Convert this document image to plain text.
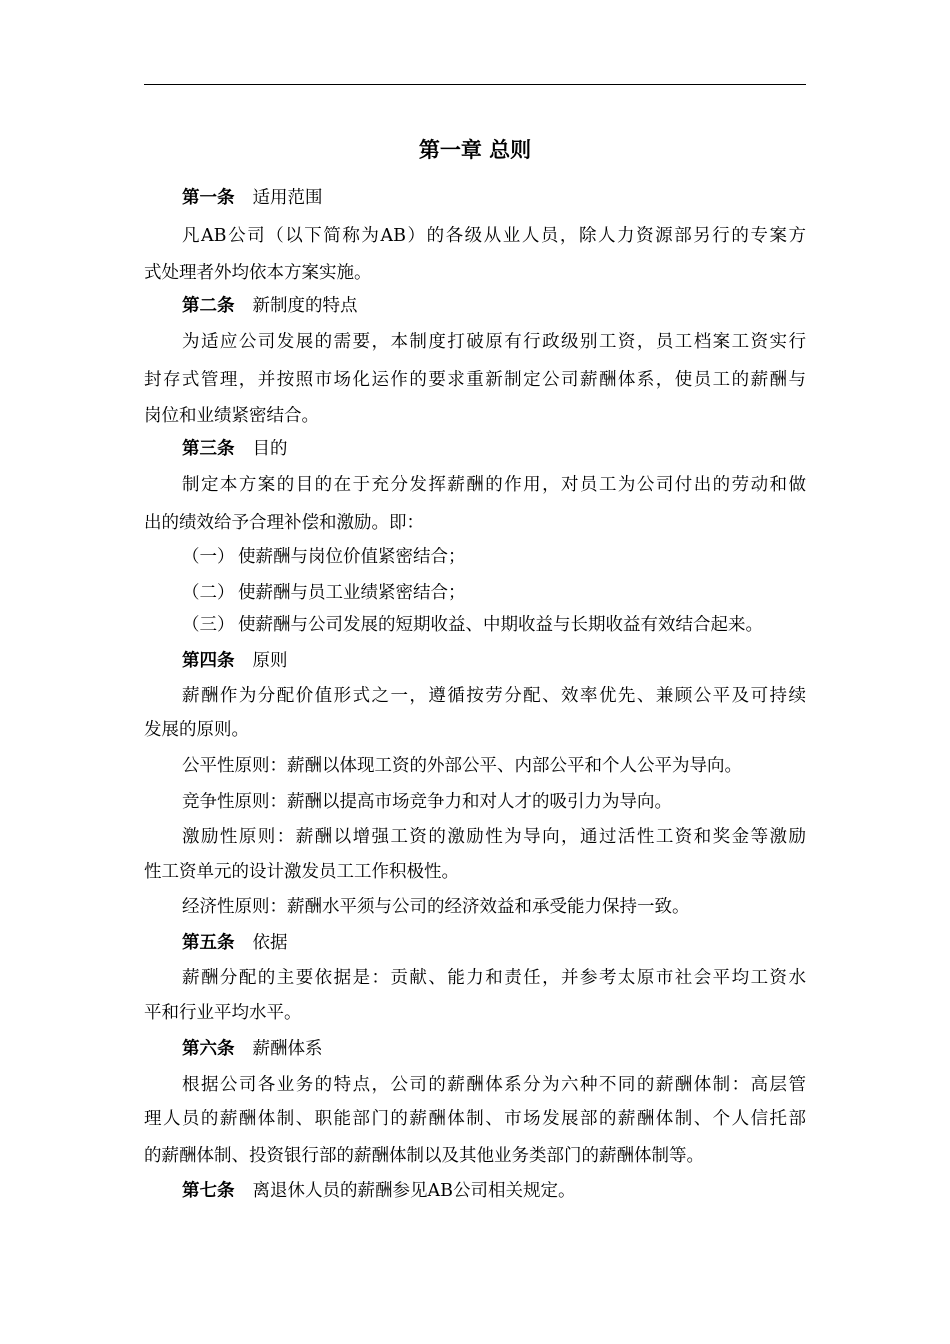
第一章 总则
第一条 适用范围
凡AB公司（以下简称为AB）的各级从业人员，除人力资源部另行的专案方
式处理者外均依本方案实施。
第二条 新制度的特点
为适应公司发展的需要，本制度打破原有行政级别工资，员工档案工资实行
封存式管理，并按照市场化运作的要求重新制定公司薪酬体系，使员工的薪酬与
岗位和业绩紧密结合。
第三条 目的
制定本方案的目的在于充分发挥薪酬的作用，对员工为公司付出的劳动和做
出的绩效给予合理补偿和激励。即：
（一） 使薪酬与岗位价值紧密结合；
（二） 使薪酬与员工业绩紧密结合；
（三） 使薪酬与公司发展的短期收益、中期收益与长期收益有效结合起来。
第四条 原则
薪酬作为分配价值形式之一，遵循按劳分配、效率优先、兼顾公平及可持续
发展的原则。
公平性原则：薪酬以体现工资的外部公平、内部公平和个人公平为导向。
竞争性原则：薪酬以提高市场竞争力和对人才的吸引力为导向。
激励性原则：薪酬以增强工资的激励性为导向，通过活性工资和奖金等激励
性工资单元的设计激发员工工作积极性。
经济性原则：薪酬水平须与公司的经济效益和承受能力保持一致。
第五条 依据
薪酬分配的主要依据是：贡献、能力和责任，并参考太原市社会平均工资水
平和行业平均水平。
第六条 薪酬体系
根据公司各业务的特点，公司的薪酬体系分为六种不同的薪酬体制：高层管
理人员的薪酬体制、职能部门的薪酬体制、市场发展部的薪酬体制、个人信托部
的薪酬体制、投资银行部的薪酬体制以及其他业务类部门的薪酬体制等。
第七条 离退休人员的薪酬参见AB公司相关规定。
